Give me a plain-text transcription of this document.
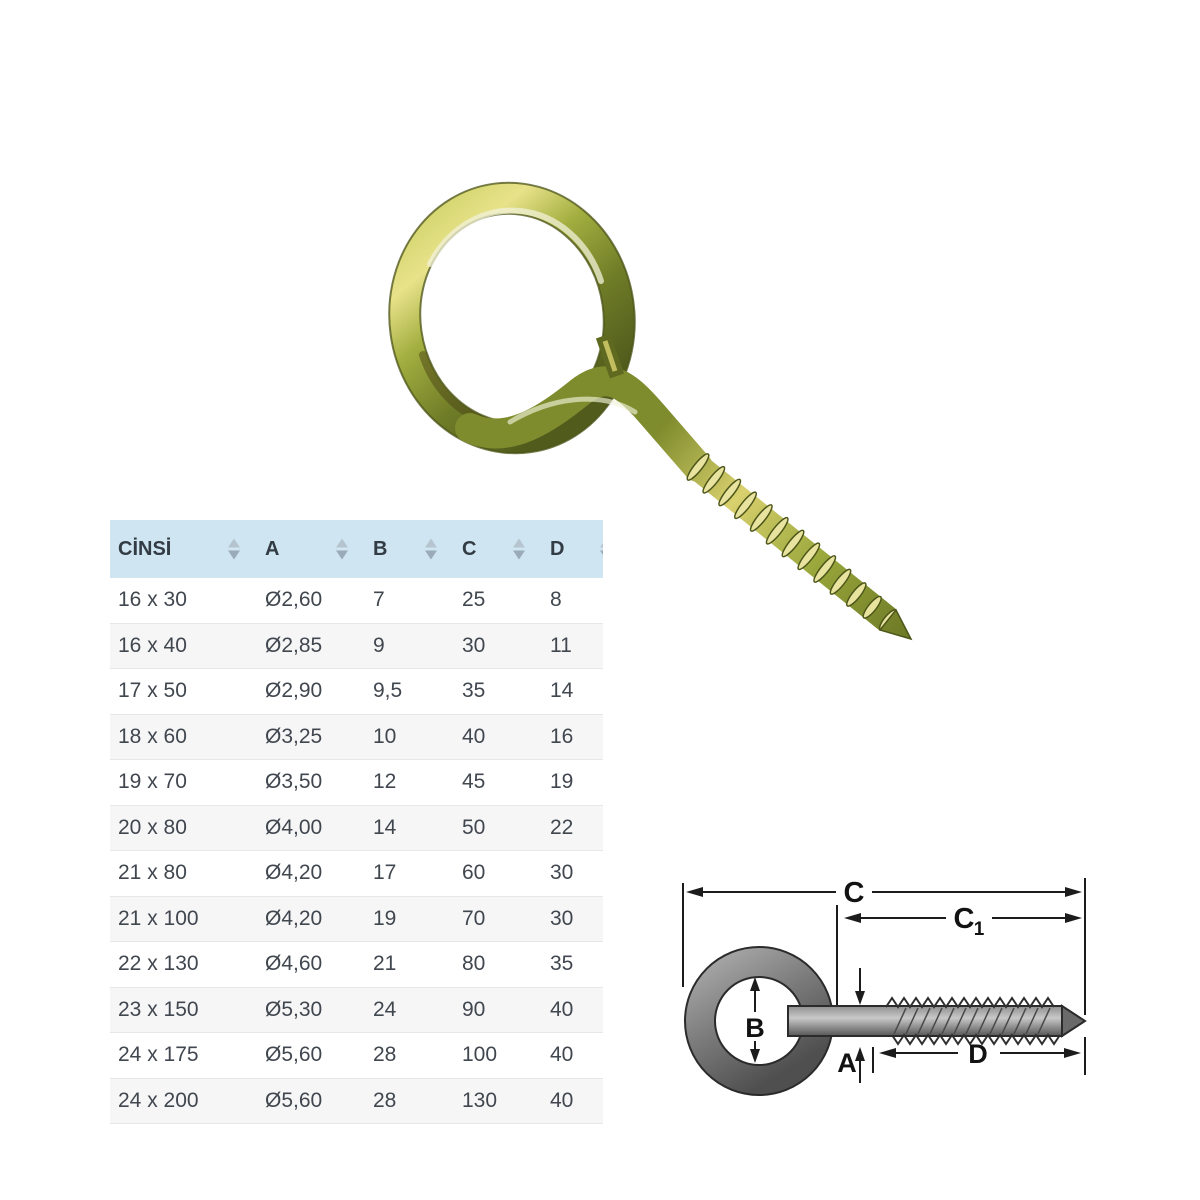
CİNSİ	A	B	C	D
16 x 30	Ø2,60	7	25	8
16 x 40	Ø2,85	9	30	11
17 x 50	Ø2,90	9,5	35	14
18 x 60	Ø3,25	10	40	16
19 x 70	Ø3,50	12	45	19
20 x 80	Ø4,00	14	50	22
21 x 80	Ø4,20	17	60	30
21 x 100	Ø4,20	19	70	30
22 x 130	Ø4,60	21	80	35
23 x 150	Ø5,30	24	90	40
24 x 175	Ø5,60	28	100	40
24 x 200	Ø5,60	28	130	40
C
C 1
B
A	D
